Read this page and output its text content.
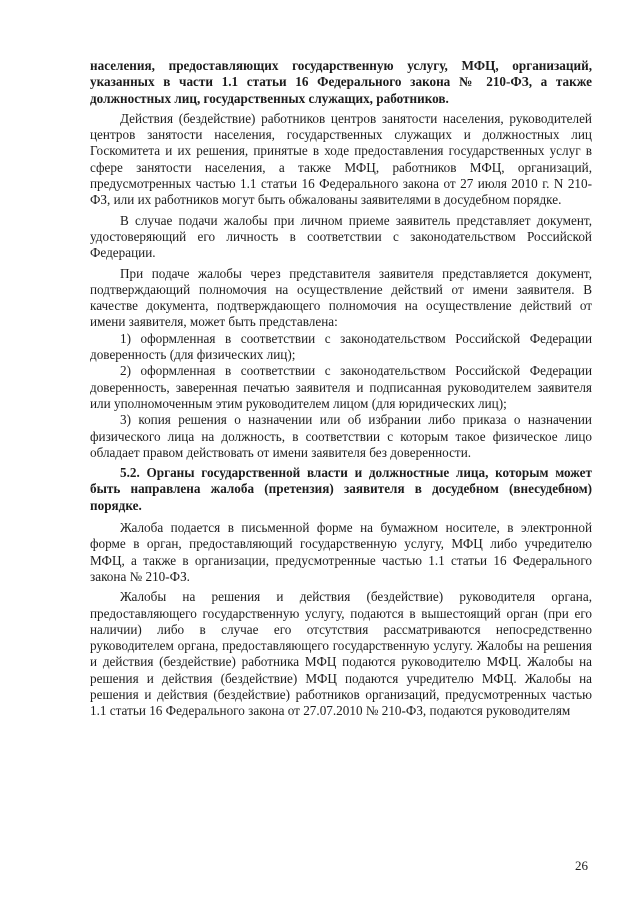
населения, предоставляющих государственную услугу, МФЦ, организаций, указанных в части 1.1 статьи 16 Федерального закона № 210-ФЗ, а также должностных лиц, государственных служащих, работников.

Действия (бездействие) работников центров занятости населения, руководителей центров занятости населения, государственных служащих и должностных лиц Госкомитета и их решения, принятые в ходе предоставления государственных услуг в сфере занятости населения, а также МФЦ, работников МФЦ, организаций, предусмотренных частью 1.1 статьи 16 Федерального закона от 27 июля 2010 г. N 210-ФЗ, или их работников могут быть обжалованы заявителями в досудебном порядке.

В случае подачи жалобы при личном приеме заявитель представляет документ, удостоверяющий его личность в соответствии с законодательством Российской Федерации.

При подаче жалобы через представителя заявителя представляется документ, подтверждающий полномочия на осуществление действий от имени заявителя. В качестве документа, подтверждающего полномочия на осуществление действий от имени заявителя, может быть представлена:

1) оформленная в соответствии с законодательством Российской Федерации доверенность (для физических лиц);

2) оформленная в соответствии с законодательством Российской Федерации доверенность, заверенная печатью заявителя и подписанная руководителем заявителя или уполномоченным этим руководителем лицом (для юридических лиц);

3) копия решения о назначении или об избрании либо приказа о назначении физического лица на должность, в соответствии с которым такое физическое лицо обладает правом действовать от имени заявителя без доверенности.

5.2. Органы государственной власти и должностные лица, которым может быть направлена жалоба (претензия) заявителя в досудебном (внесудебном) порядке.

Жалоба подается в письменной форме на бумажном носителе, в электронной форме в орган, предоставляющий государственную услугу, МФЦ либо учредителю МФЦ, а также в организации, предусмотренные частью 1.1 статьи 16 Федерального закона № 210-ФЗ.

Жалобы на решения и действия (бездействие) руководителя органа, предоставляющего государственную услугу, подаются в вышестоящий орган (при его наличии) либо в случае его отсутствия рассматриваются непосредственно руководителем органа, предоставляющего государственную услугу. Жалобы на решения и действия (бездействие) работника МФЦ подаются руководителю МФЦ. Жалобы на решения и действия (бездействие) МФЦ подаются учредителю МФЦ. Жалобы на решения и действия (бездействие) работников организаций, предусмотренных частью 1.1 статьи 16 Федерального закона от 27.07.2010 № 210-ФЗ, подаются руководителям

26
